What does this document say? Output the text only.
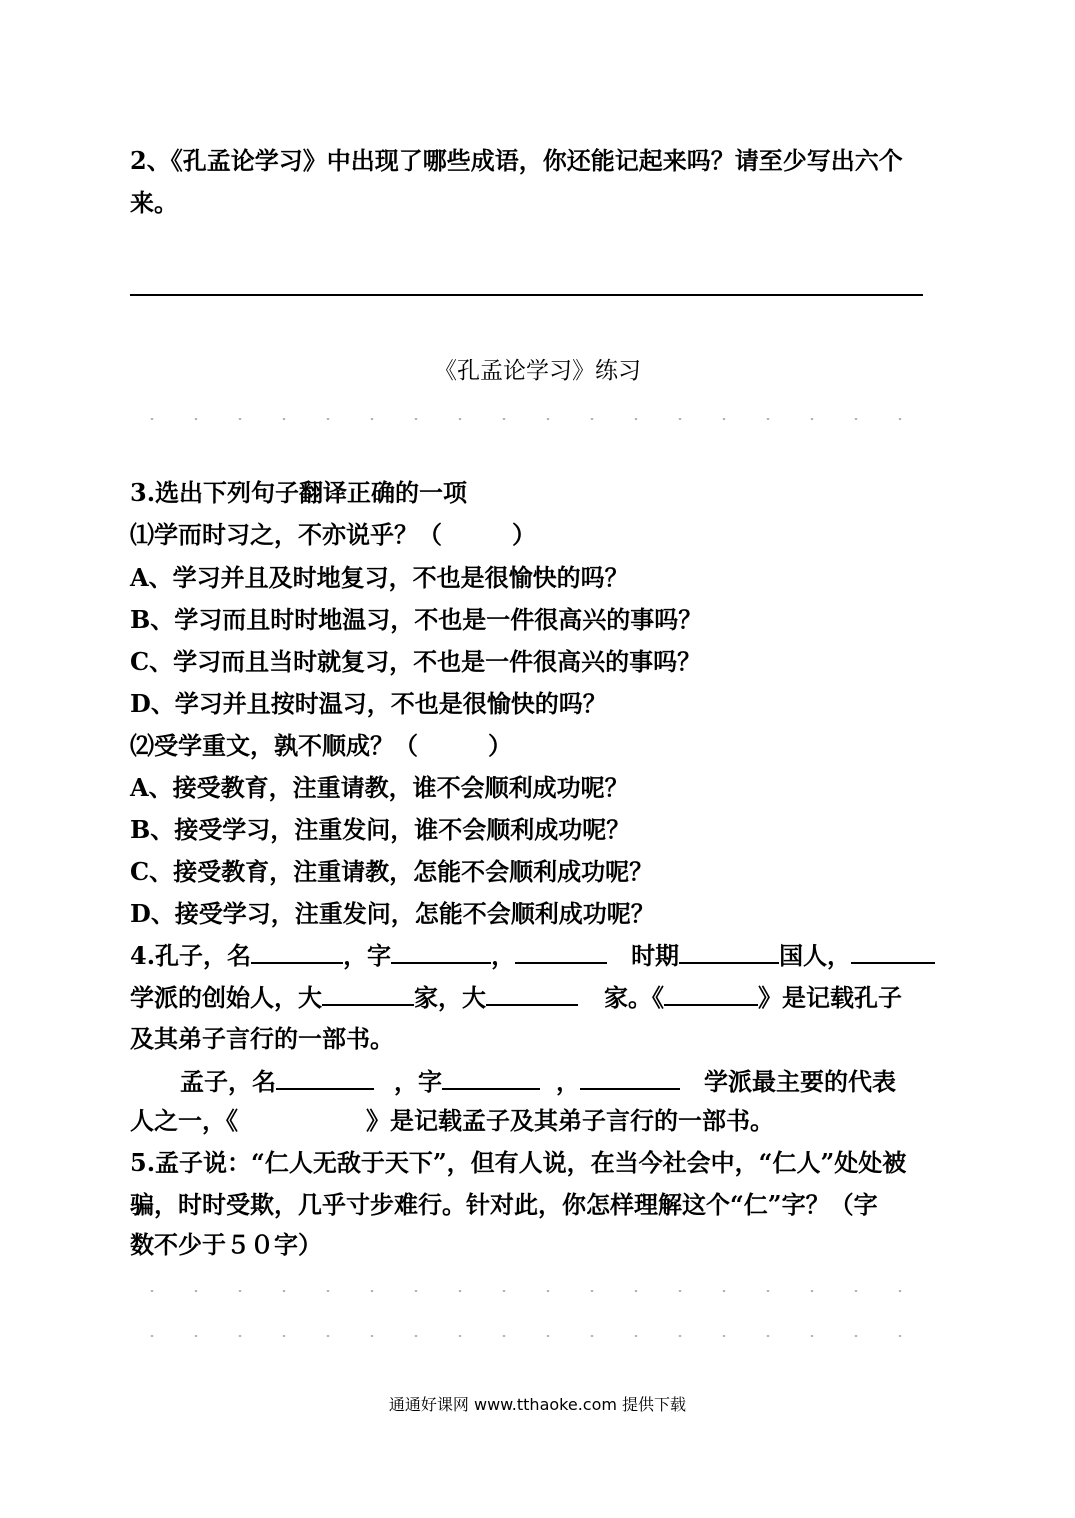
2、《孔孟论学习》中出现了哪些成语，你还能记起来吗？请至少写出六个
来。
《孔孟论学习》练习
3.选出下列句子翻译正确的一项
⑴学而时习之，不亦说乎？（	）
A、学习并且及时地复习，不也是很愉快的吗？
B、学习而且时时地温习，不也是一件很高兴的事吗？
C、学习而且当时就复习，不也是一件很高兴的事吗？
D、学习并且按时温习，不也是很愉快的吗？
⑵受学重文，孰不顺成？（	）
A、接受教育，注重请教，谁不会顺利成功呢？
B、接受学习，注重发问，谁不会顺利成功呢？
C、接受教育，注重请教，怎能不会顺利成功呢？
D、接受学习，注重发问，怎能不会顺利成功呢？
4.孔子，名	，字	，	时期	国人，
学派的创始人，大	家，大	家。《	》是记载孔子
及其弟子言行的一部书。
孟子，名	，字	，	学派最主要的代表
人之一，《	》是记载孟子及其弟子言行的一部书。
5.孟子说：“仁人无敌于天下”，但有人说，在当今社会中，“仁人”处处被
骗，时时受欺，几乎寸步难行。针对此，你怎样理解这个“仁”字？（字
数不少于５０字）
通通好课网 www.tthaoke.com 提供下载
